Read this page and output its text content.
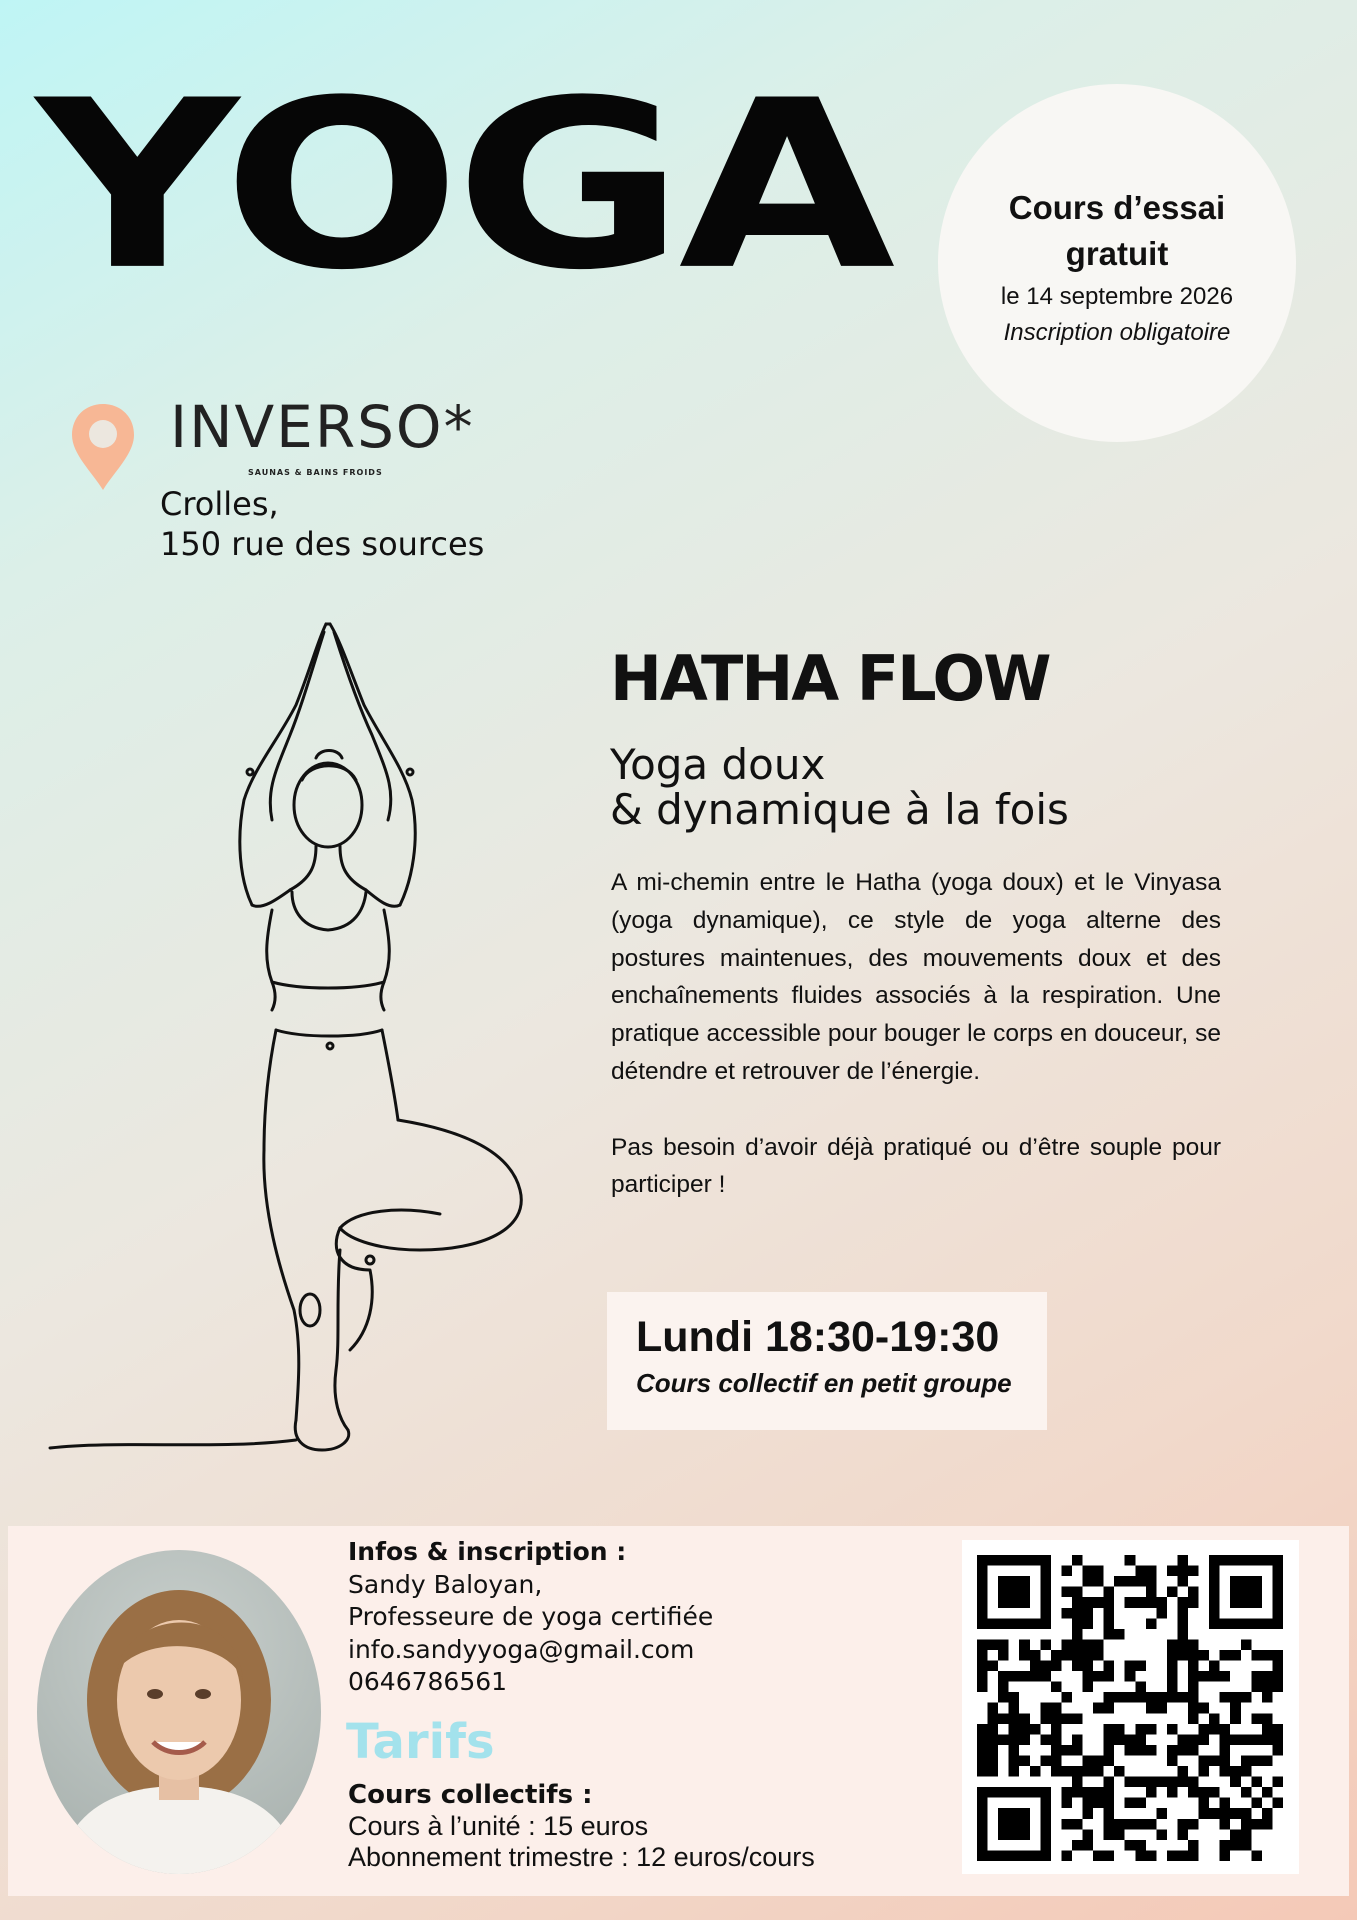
YOGA	Cours d’essai gratuit
le 14 septembre 2026
Inscription obligatoire
INVERSO*
SAUNAS & BAINS FROIDS
Crolles,
150 rue des sources
HATHA FLOW
Yoga doux
& dynamique à la fois

A mi-chemin entre le Hatha (yoga doux) et le Vinyasa (yoga dynamique), ce style de yoga alterne des postures maintenues, des mouvements doux et des enchaînements fluides associés à la respiration. Une pratique accessible pour bouger le corps en douceur, se détendre et retrouver de l’énergie.

Pas besoin d’avoir déjà pratiqué ou d’être souple pour participer !

Lundi 18:30-19:30
Cours collectif en petit groupe
Infos & inscription :
Sandy Baloyan,
Professeure de yoga certifiée
info.sandyyoga@gmail.com
0646786561
Tarifs
Cours collectifs :
Cours à l’unité : 15 euros
Abonnement trimestre : 12 euros/cours
